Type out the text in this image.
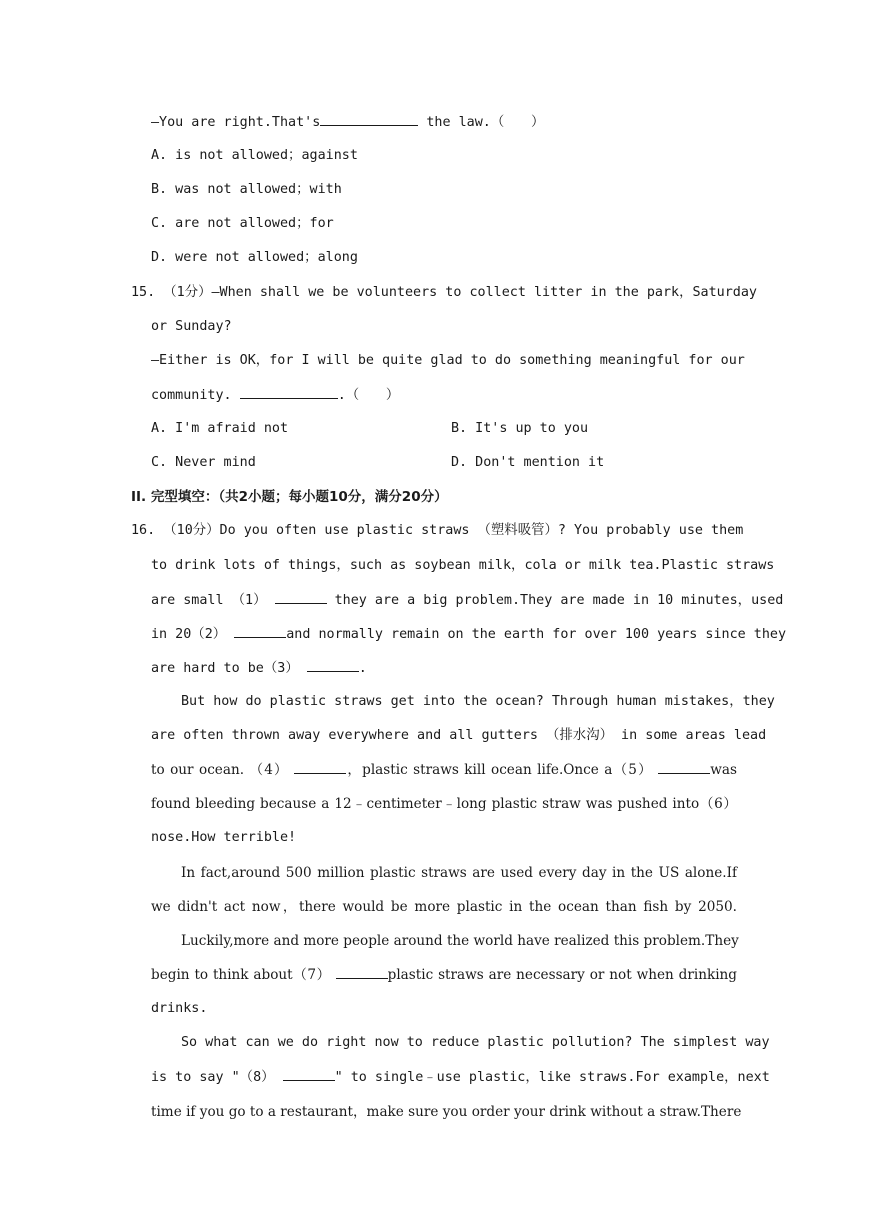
—You are right.That's	the law.（　　）
A. is not allowed；against
B. was not allowed；with
C. are not allowed；for
D. were not allowed；along
15. （1分）—When shall we be volunteers to collect litter in the park，Saturday
or Sunday?
—Either is OK，for I will be quite glad to do something meaningful for our
community.	.（　　）
A. I'm afraid not	B. It's up to you
C. Never mind	D. Don't mention it
II. 完型填空：（共2小题；每小题10分，满分20分）
16. （10分）Do you often use plastic straws （塑料吸管）? You probably use them
to drink lots of things，such as soybean milk，cola or milk tea.Plastic straws
are small （1）	they are a big problem.They are made in 10 minutes，used
in 20（2）	and normally remain on the earth for over 100 years since they
are hard to be（3）	.
But how do plastic straws get into the ocean? Through human mistakes，they
are often thrown away everywhere and all gutters （排水沟） in some areas lead
to our ocean. （4）	，plastic straws kill ocean life.Once a（5）	was
found bleeding because a 12﹣centimeter﹣long plastic straw was pushed into（6）
nose.How terrible!
In fact,around 500 million plastic straws are used every day in the US alone.If
we didn't act now，there would be more plastic in the ocean than fish by 2050.
Luckily,more and more people around the world have realized this problem.They
begin to think about（7）	plastic straws are necessary or not when drinking
drinks.
So what can we do right now to reduce plastic pollution? The simplest way
is to say "（8）	" to single﹣use plastic，like straws.For example，next
time if you go to a restaurant，make sure you order your drink without a straw.There
